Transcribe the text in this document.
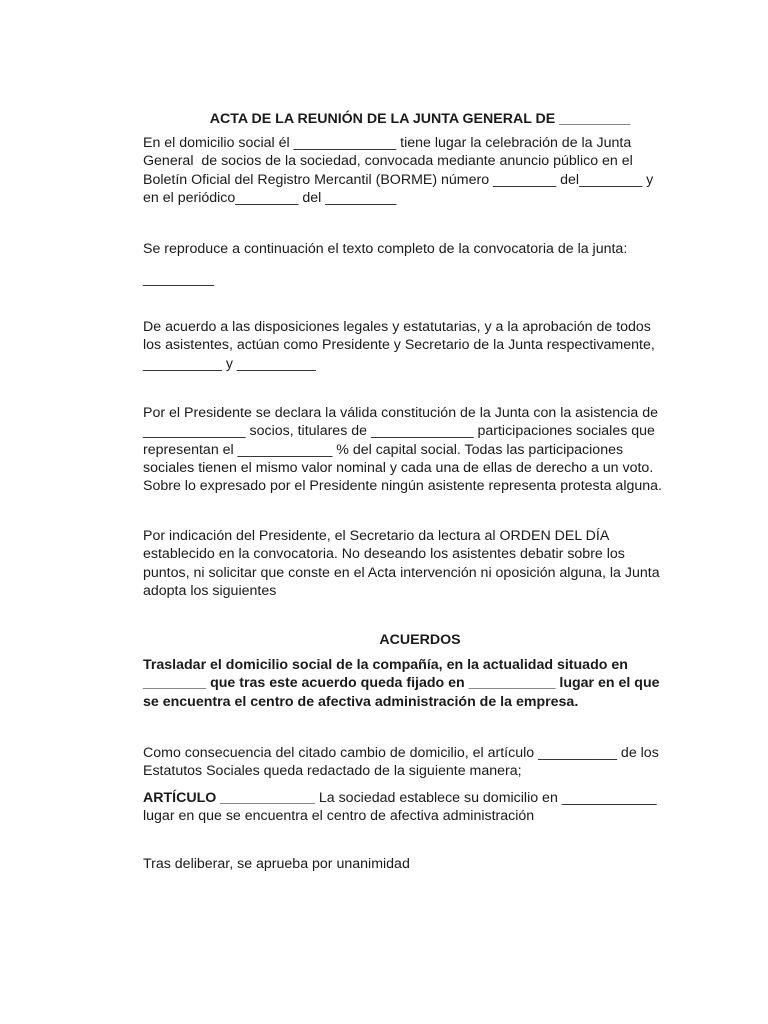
ACTA DE LA REUNIÓN DE LA JUNTA GENERAL DE _________
En el domicilio social él _____________ tiene lugar la celebración de la Junta
General  de socios de la sociedad, convocada mediante anuncio público en el
Boletín Oficial del Registro Mercantil (BORME) número ________ del________ y
en el periódico________ del _________
Se reproduce a continuación el texto completo de la convocatoria de la junta:
_________
De acuerdo a las disposiciones legales y estatutarias, y a la aprobación de todos
los asistentes, actúan como Presidente y Secretario de la Junta respectivamente,
__________ y __________
Por el Presidente se declara la válida constitución de la Junta con la asistencia de
_____________ socios, titulares de _____________ participaciones sociales que
representan el ____________ % del capital social. Todas las participaciones
sociales tienen el mismo valor nominal y cada una de ellas de derecho a un voto.
Sobre lo expresado por el Presidente ningún asistente representa protesta alguna.
Por indicación del Presidente, el Secretario da lectura al ORDEN DEL DÍA
establecido en la convocatoria. No deseando los asistentes debatir sobre los
puntos, ni solicitar que conste en el Acta intervención ni oposición alguna, la Junta
adopta los siguientes
ACUERDOS
Trasladar el domicilio social de la compañía, en la actualidad situado en
________ que tras este acuerdo queda fijado en ___________ lugar en el que
se encuentra el centro de afectiva administración de la empresa.
Como consecuencia del citado cambio de domicilio, el artículo __________ de los
Estatutos Sociales queda redactado de la siguiente manera;
ARTÍCULO ____________ La sociedad establece su domicilio en ____________
lugar en que se encuentra el centro de afectiva administración
Tras deliberar, se aprueba por unanimidad
